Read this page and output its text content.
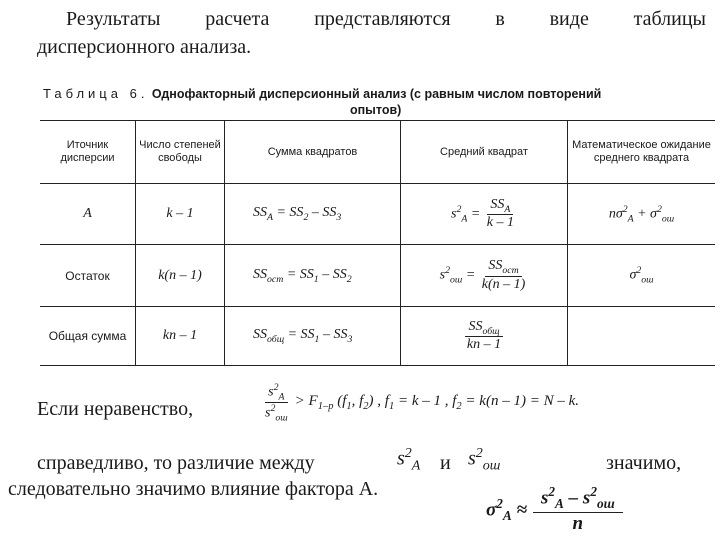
Результаты расчета представляются в виде таблицы
дисперсионного анализа.
Таблица 6. Однофакторный дисперсионный анализ (с равным числом повторений
опытов)
Иточник дисперсии	Число степеней свободы	Сумма квадратов	Средний квадрат	Математическое ожидание среднего квадрата
А	k – 1	$SS_A = SS_2 - SS_3$	$s^2_A = \frac{SS_A}{k - 1}$	$n\sigma^2_A + \sigma^2_{ош}$
Остаток	k(n – 1)	$SS_{ост} = SS_1 - SS_2$	$s^2_{ош} = \frac{SS_{ост}}{k(n - 1)}$	$\sigma^2_{ош}$
Общая сумма	kn – 1	$SS_{общ} = SS_1 - SS_3$	$\frac{SS_{общ}}{kn - 1}$

Если неравенство,	$\frac{s^2_A}{s^2_{ош}} > F_{1-p}$ ($f_1$, $f_2$) , $f_1 = k - 1$ , $f_2 = k(n - 1) = N - k$.
справедливо, то различие между	$s^2_A$ и $s^2_{ош}$	значимо,
следовательно значимо влияние фактора А.
$\sigma^2_A \approx \frac{s^2_A - s^2_{ош}}{n}$
